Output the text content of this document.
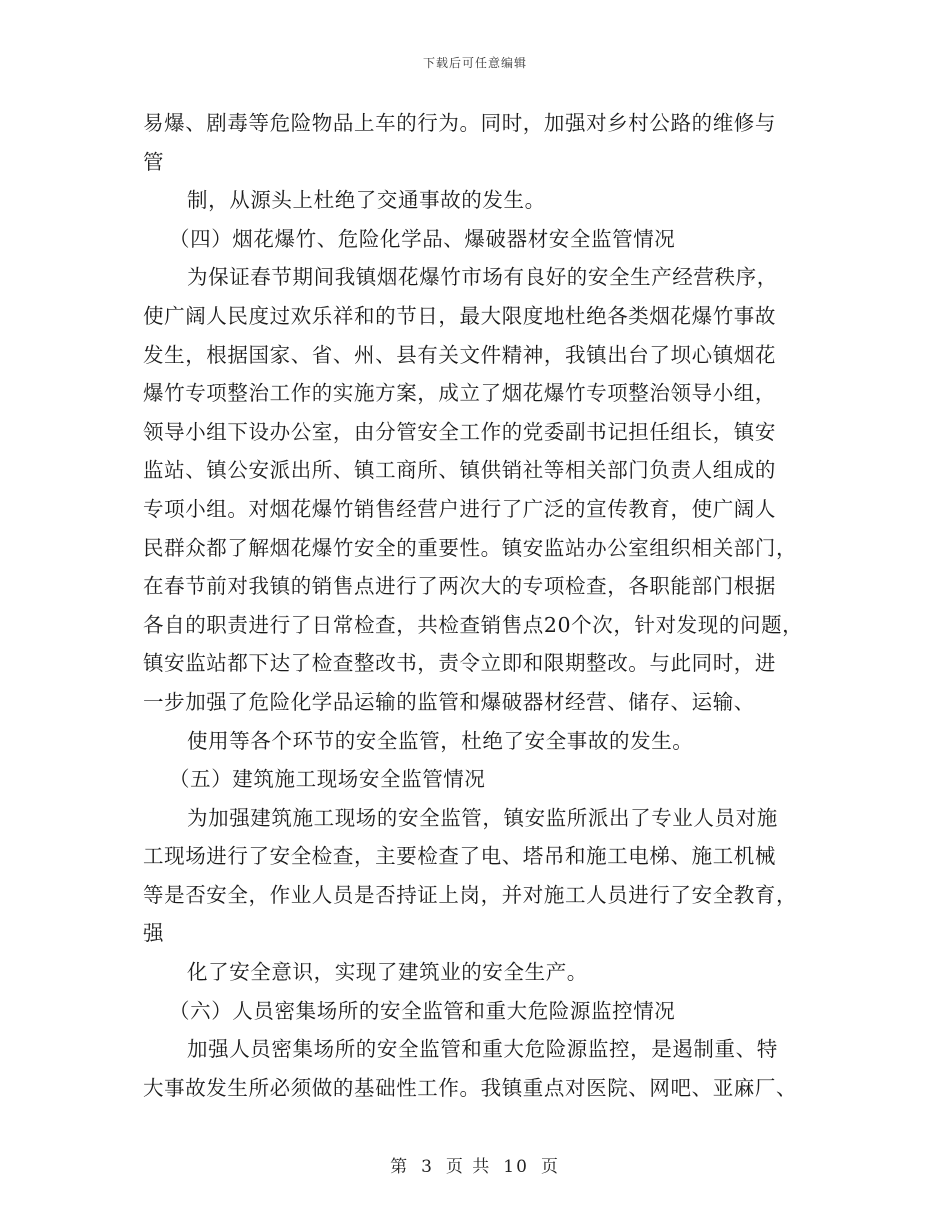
下载后可任意编辑
易爆、剧毒等危险物品上车的行为。同时，加强对乡村公路的维修与
管
制，从源头上杜绝了交通事故的发生。
（四）烟花爆竹、危险化学品、爆破器材安全监管情况
为保证春节期间我镇烟花爆竹市场有良好的安全生产经营秩序，
使广阔人民度过欢乐祥和的节日，最大限度地杜绝各类烟花爆竹事故
发生，根据国家、省、州、县有关文件精神，我镇出台了坝心镇烟花
爆竹专项整治工作的实施方案，成立了烟花爆竹专项整治领导小组，
领导小组下设办公室，由分管安全工作的党委副书记担任组长，镇安
监站、镇公安派出所、镇工商所、镇供销社等相关部门负责人组成的
专项小组。对烟花爆竹销售经营户进行了广泛的宣传教育，使广阔人
民群众都了解烟花爆竹安全的重要性。镇安监站办公室组织相关部门，
在春节前对我镇的销售点进行了两次大的专项检查，各职能部门根据
各自的职责进行了日常检查，共检查销售点20个次，针对发现的问题，
镇安监站都下达了检查整改书，责令立即和限期整改。与此同时，进
一步加强了危险化学品运输的监管和爆破器材经营、储存、运输、
使用等各个环节的安全监管，杜绝了安全事故的发生。
（五）建筑施工现场安全监管情况
为加强建筑施工现场的安全监管，镇安监所派出了专业人员对施
工现场进行了安全检查，主要检查了电、塔吊和施工电梯、施工机械
等是否安全，作业人员是否持证上岗，并对施工人员进行了安全教育，
强
化了安全意识，实现了建筑业的安全生产。
（六）人员密集场所的安全监管和重大危险源监控情况
加强人员密集场所的安全监管和重大危险源监控，是遏制重、特
大事故发生所必须做的基础性工作。我镇重点对医院、网吧、亚麻厂、
第 3 页 共 10 页
